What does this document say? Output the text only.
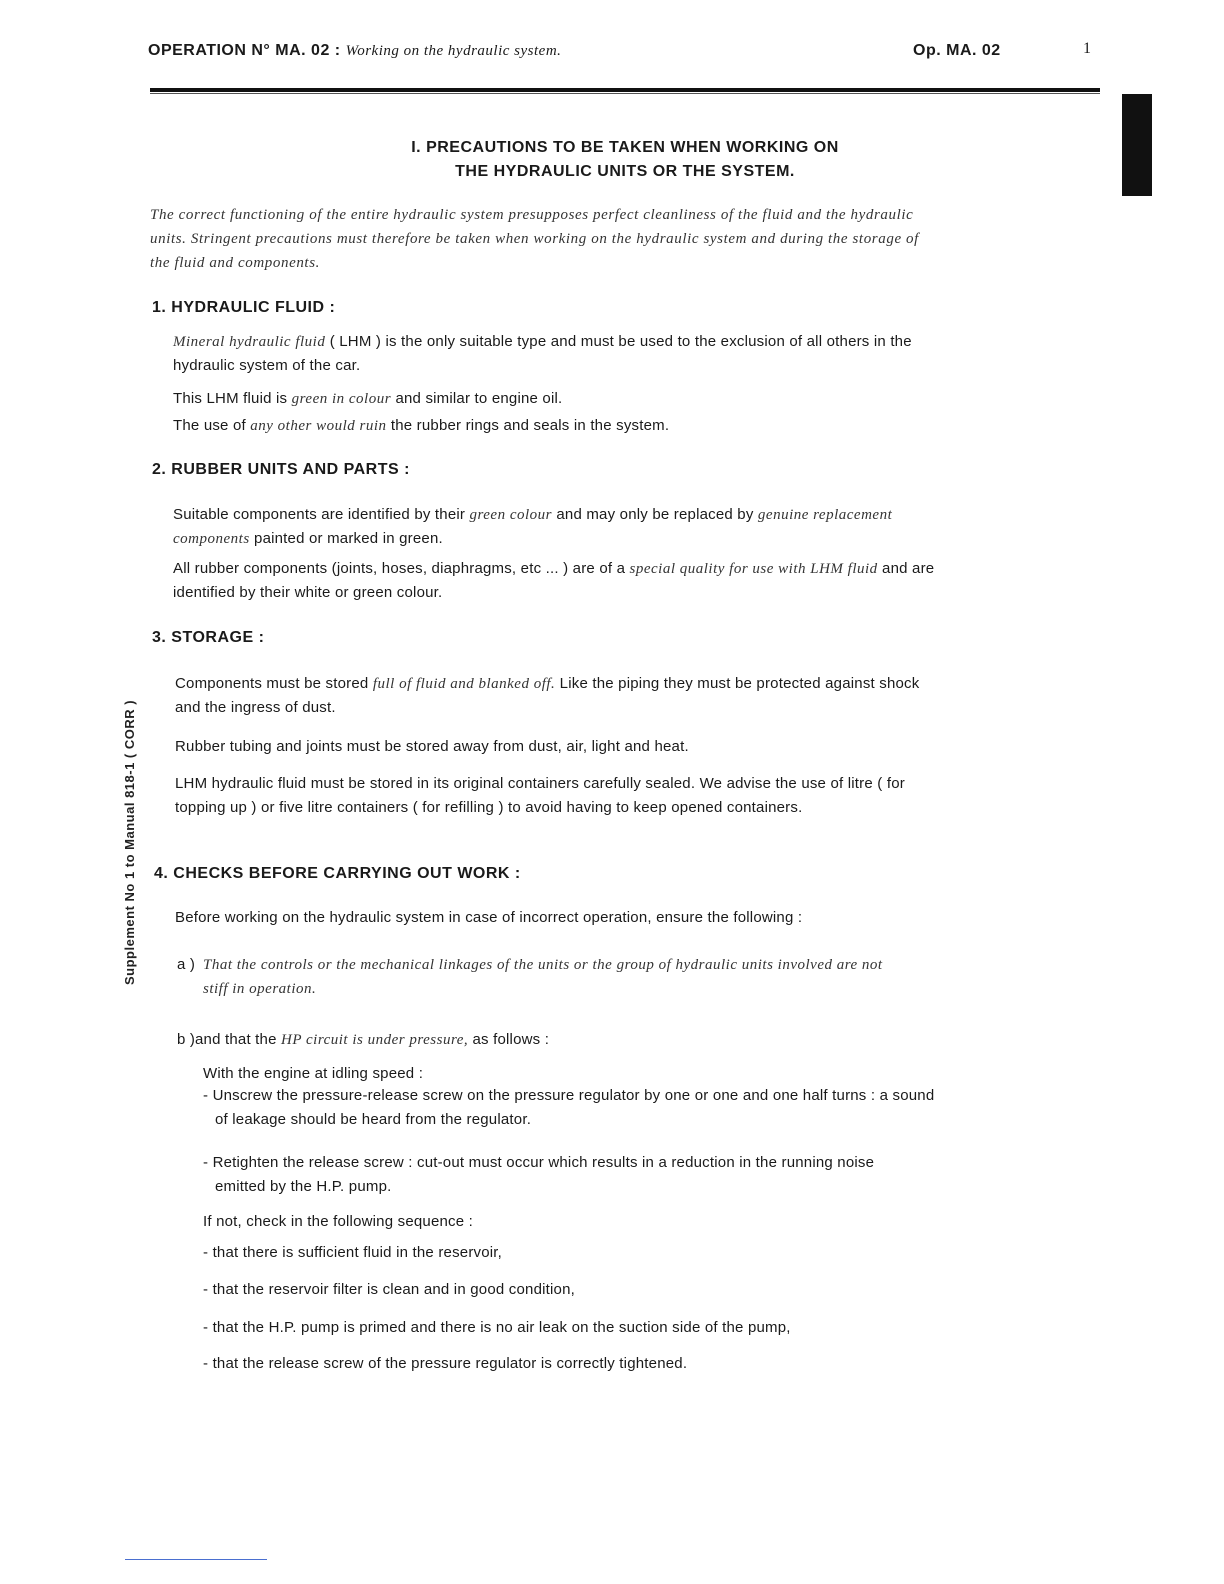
OPERATION N° MA. 02 : Working on the hydraulic system.	Op. MA. 02	1
I. PRECAUTIONS TO BE TAKEN WHEN WORKING ON
THE HYDRAULIC UNITS OR THE SYSTEM.
The correct functioning of the entire hydraulic system presupposes perfect cleanliness of the fluid and the hydraulic
units. Stringent precautions must therefore be taken when working on the hydraulic system and during the storage of
the fluid and components.
1. HYDRAULIC FLUID :
Mineral hydraulic fluid ( LHM ) is the only suitable type and must be used to the exclusion of all others in the
hydraulic system of the car.
This LHM fluid is green in colour and similar to engine oil.
The use of any other would ruin the rubber rings and seals in the system.
2. RUBBER UNITS AND PARTS :
Suitable components are identified by their green colour and may only be replaced by genuine replacement
components painted or marked in green.
All rubber components (joints, hoses, diaphragms, etc ... ) are of a special quality for use with LHM fluid and are
identified by their white or green colour.
3. STORAGE :
Components must be stored full of fluid and blanked off. Like the piping they must be protected against shock
and the ingress of dust.
Rubber tubing and joints must be stored away from dust, air, light and heat.
LHM hydraulic fluid must be stored in its original containers carefully sealed. We advise the use of litre ( for
topping up ) or five litre containers ( for refilling ) to avoid having to keep opened containers.
4. CHECKS BEFORE CARRYING OUT WORK :
Before working on the hydraulic system in case of incorrect operation, ensure the following :
a ) That the controls or the mechanical linkages of the units or the group of hydraulic units involved are not
stiff in operation.
b ) and that the HP circuit is under pressure, as follows :
With the engine at idling speed :
- Unscrew the pressure-release screw on the pressure regulator by one or one and one half turns : a sound
of leakage should be heard from the regulator.
- Retighten the release screw : cut-out must occur which results in a reduction in the running noise
emitted by the H.P. pump.
If not, check in the following sequence :
- that there is sufficient fluid in the reservoir,
- that the reservoir filter is clean and in good condition,
- that the H.P. pump is primed and there is no air leak on the suction side of the pump,
- that the release screw of the pressure regulator is correctly tightened.
Supplement No 1 to Manual 818-1 ( CORR )
